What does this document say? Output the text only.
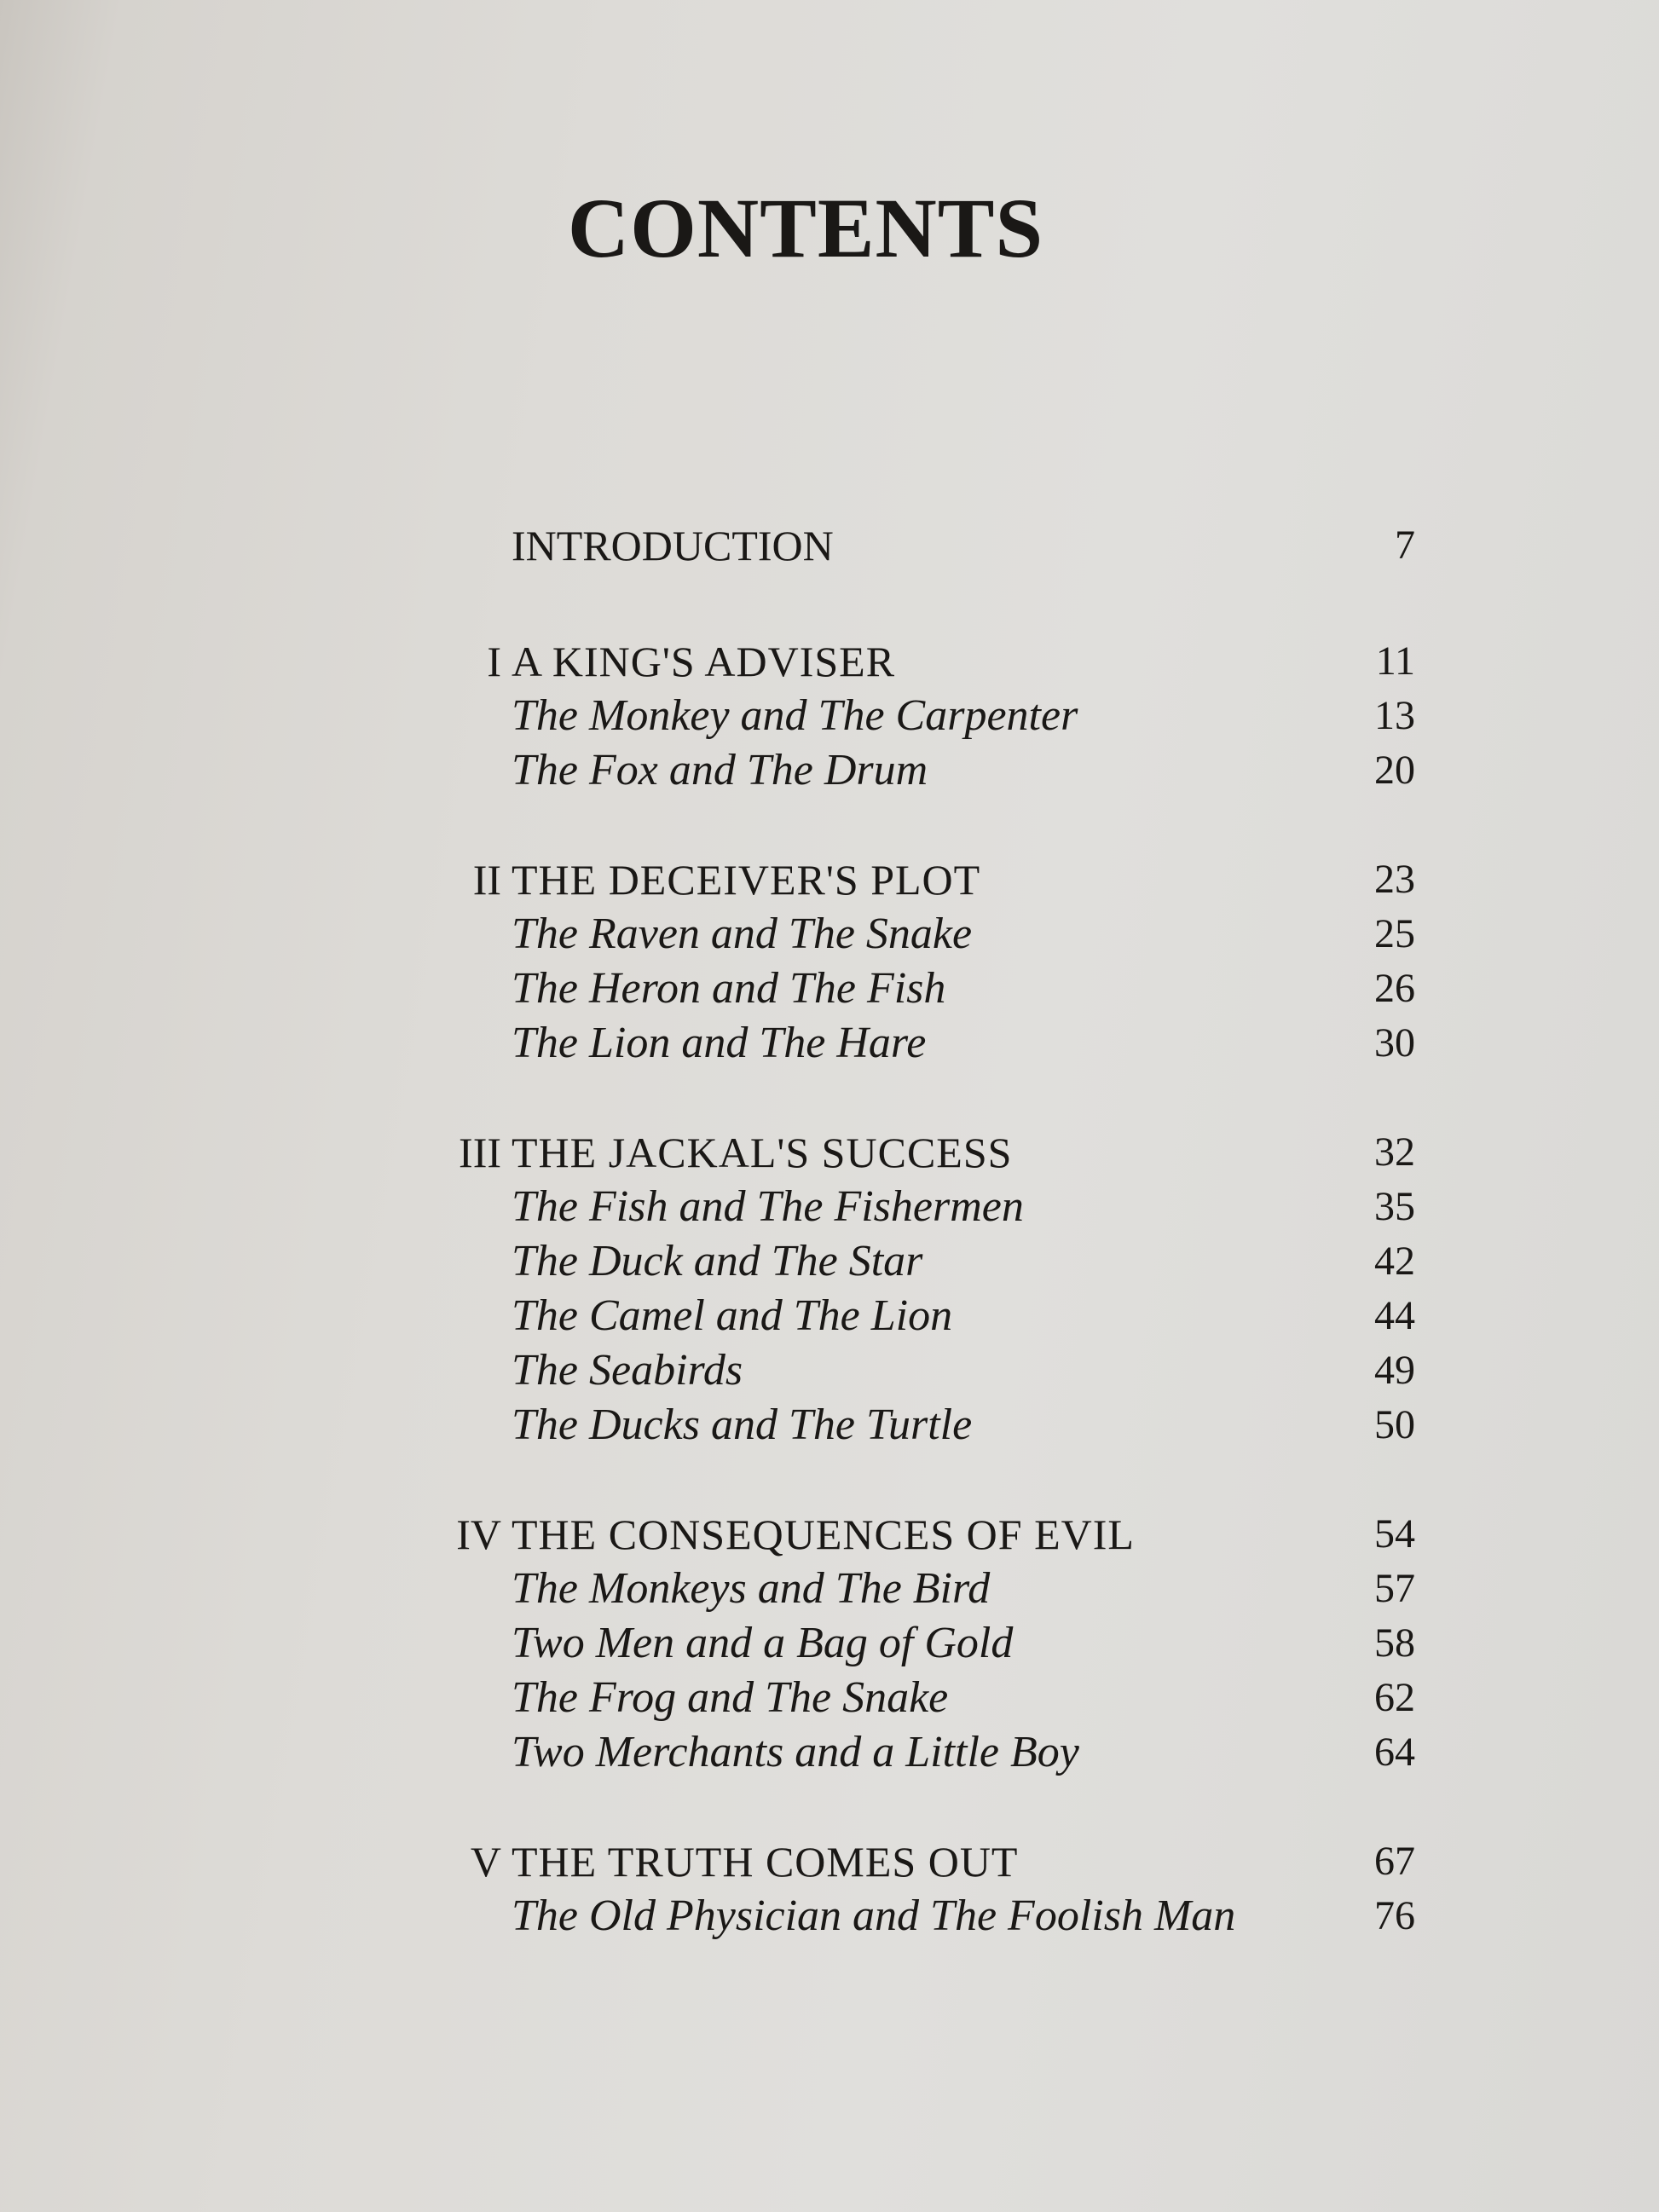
CONTENTS
INTRODUCTION	7
I A KING'S ADVISER	11
The Monkey and The Carpenter	13
The Fox and The Drum	20
II THE DECEIVER'S PLOT	23
The Raven and The Snake	25
The Heron and The Fish	26
The Lion and The Hare	30
III THE JACKAL'S SUCCESS	32
The Fish and The Fishermen	35
The Duck and The Star	42
The Camel and The Lion	44
The Seabirds	49
The Ducks and The Turtle	50
IV THE CONSEQUENCES OF EVIL	54
The Monkeys and The Bird	57
Two Men and a Bag of Gold	58
The Frog and The Snake	62
Two Merchants and a Little Boy	64
V THE TRUTH COMES OUT	67
The Old Physician and The Foolish Man	76
